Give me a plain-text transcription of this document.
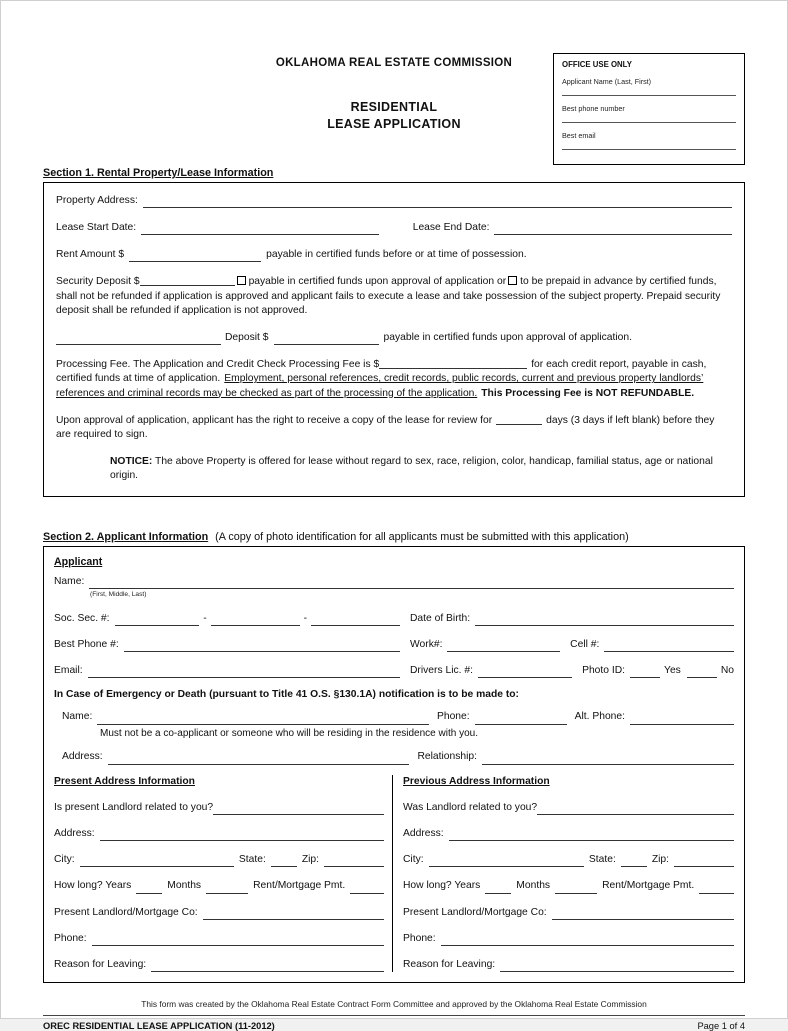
OKLAHOMA REAL ESTATE COMMISSION	OFFICE USE ONLY
Applicant Name (Last, First)
Best phone number
Best email
RESIDENTIAL
LEASE APPLICATION
Section 1. Rental Property/Lease Information
Property Address:
Lease Start Date:	Lease End Date:
Rent Amount $	payable in certified funds before or at time of possession.

Security Deposit $	payable in certified funds upon approval of application or to be prepaid in advance by certified funds, shall not be refunded if application is approved and applicant fails to execute a lease and take possession of the subject property. Prepaid security deposit shall be refunded if application is not approved.

Deposit $	payable in certified funds upon approval of application.

Processing Fee. The Application and Credit Check Processing Fee is $	for each credit report, payable in cash, certified funds at time of application. Employment, personal references, credit records, public records, current and previous property landlords’ references and criminal records may be checked as part of the processing of the application. This Processing Fee is NOT REFUNDABLE.

Upon approval of application, applicant has the right to receive a copy of the lease for review for	days (3 days if left blank) before they are required to sign.

NOTICE: The above Property is offered for lease without regard to sex, race, religion, color, handicap, familial status, age or national origin.

Section 2. Applicant Information (A copy of photo identification for all applicants must be submitted with this application)
Applicant
Name:
(First, Middle, Last)
Soc. Sec. #:	-	-	Date of Birth:
Best Phone #:	Work#:	Cell #:
Email:	Drivers Lic. #:	Photo ID:	Yes	No
In Case of Emergency or Death (pursuant to Title 41 O.S. §130.1A) notification is to be made to:
Name:	Phone:	Alt. Phone:
Must not be a co-applicant or someone who will be residing in the residence with you.
Address:	Relationship:
Present Address Information
Is present Landlord related to you?
Address:
City:	State:	Zip:
How long? Years	Months	Rent/Mortgage Pmt.
Present Landlord/Mortgage Co:
Phone:
Reason for Leaving:
Previous Address Information
Was Landlord related to you?
Address:
City:	State:	Zip:
How long? Years	Months	Rent/Mortgage Pmt.
Present Landlord/Mortgage Co:
Phone:
Reason for Leaving:
This form was created by the Oklahoma Real Estate Contract Form Committee and approved by the Oklahoma Real Estate Commission
OREC RESIDENTIAL LEASE APPLICATION (11-2012)	Page 1 of 4
